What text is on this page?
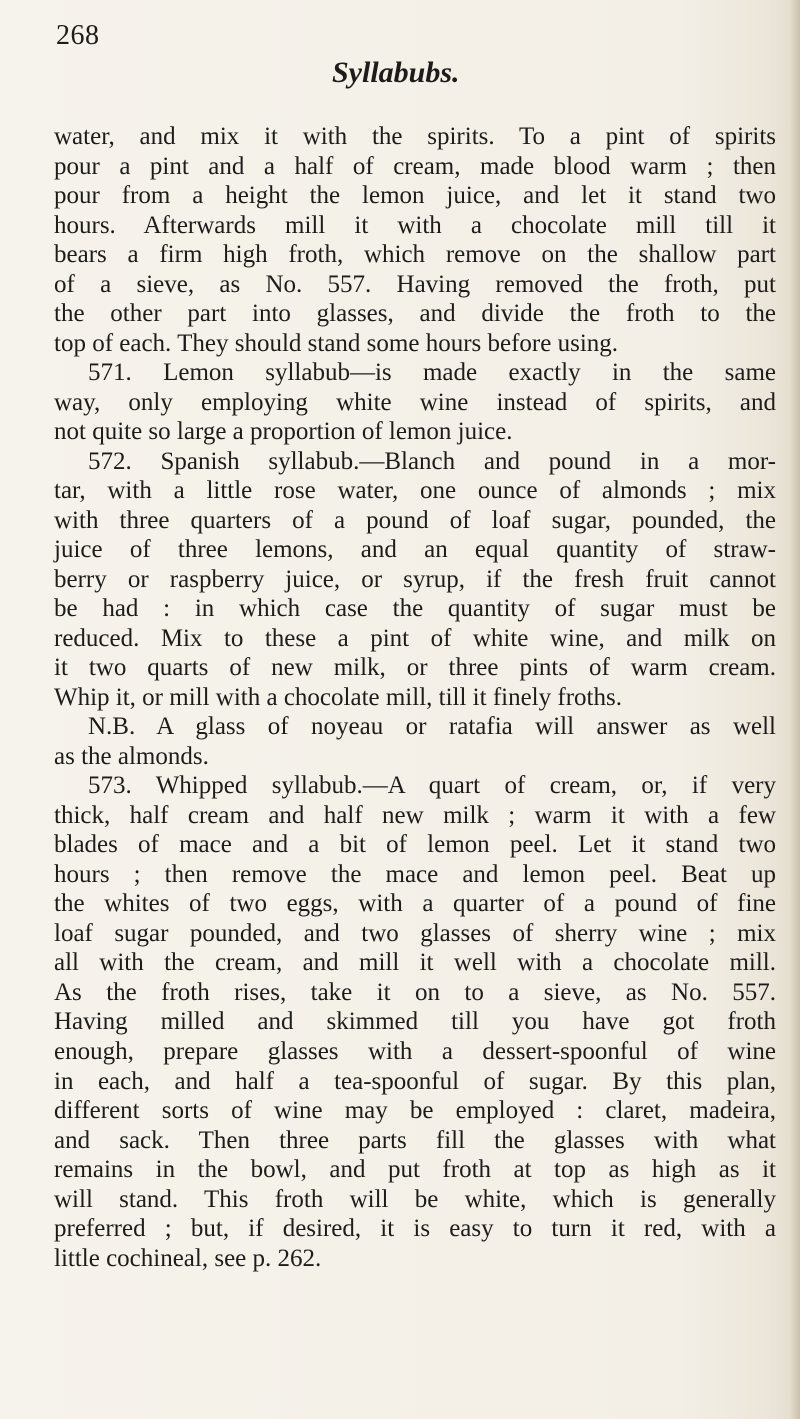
268
Syllabubs.
water, and mix it with the spirits. To a pint of spirits
pour a pint and a half of cream, made blood warm ; then
pour from a height the lemon juice, and let it stand two
hours. Afterwards mill it with a chocolate mill till it
bears a firm high froth, which remove on the shallow part
of a sieve, as No. 557. Having removed the froth, put
the other part into glasses, and divide the froth to the
top of each. They should stand some hours before using.
571. Lemon syllabub—is made exactly in the same
way, only employing white wine instead of spirits, and
not quite so large a proportion of lemon juice.
572. Spanish syllabub.—Blanch and pound in a mor-
tar, with a little rose water, one ounce of almonds ; mix
with three quarters of a pound of loaf sugar, pounded, the
juice of three lemons, and an equal quantity of straw-
berry or raspberry juice, or syrup, if the fresh fruit cannot
be had : in which case the quantity of sugar must be
reduced. Mix to these a pint of white wine, and milk on
it two quarts of new milk, or three pints of warm cream.
Whip it, or mill with a chocolate mill, till it finely froths.
N.B. A glass of noyeau or ratafia will answer as well
as the almonds.
573. Whipped syllabub.—A quart of cream, or, if very
thick, half cream and half new milk ; warm it with a few
blades of mace and a bit of lemon peel. Let it stand two
hours ; then remove the mace and lemon peel. Beat up
the whites of two eggs, with a quarter of a pound of fine
loaf sugar pounded, and two glasses of sherry wine ; mix
all with the cream, and mill it well with a chocolate mill.
As the froth rises, take it on to a sieve, as No. 557.
Having milled and skimmed till you have got froth
enough, prepare glasses with a dessert-spoonful of wine
in each, and half a tea-spoonful of sugar. By this plan,
different sorts of wine may be employed : claret, madeira,
and sack. Then three parts fill the glasses with what
remains in the bowl, and put froth at top as high as it
will stand. This froth will be white, which is generally
preferred ; but, if desired, it is easy to turn it red, with a
little cochineal, see p. 262.
